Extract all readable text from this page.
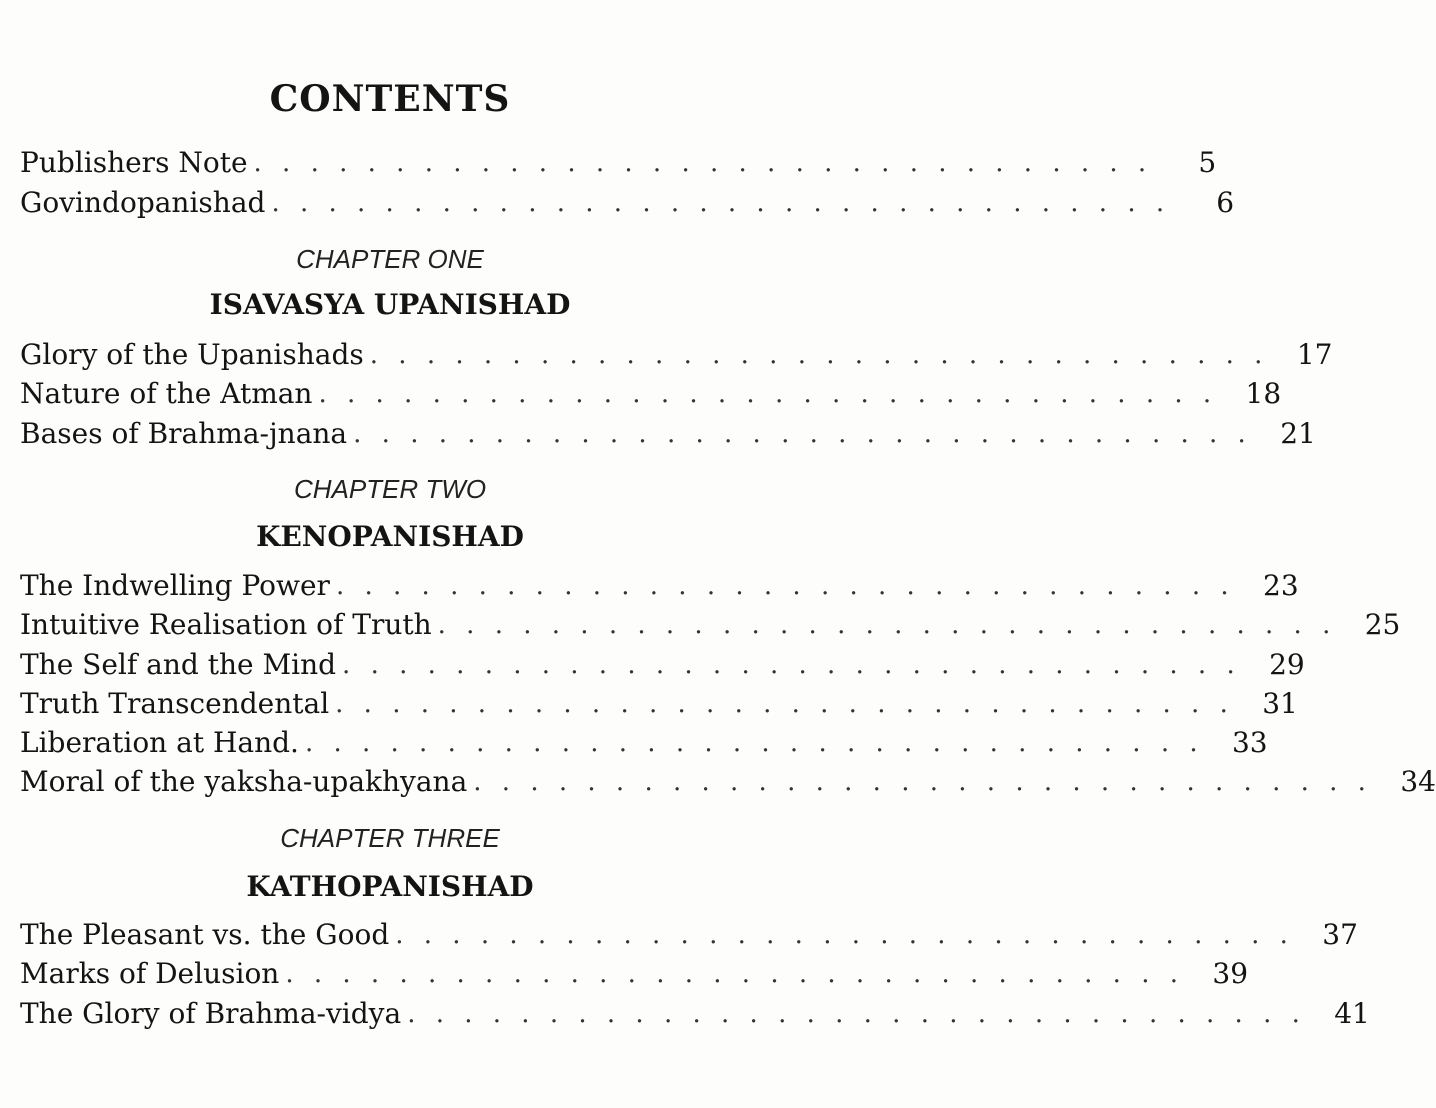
CONTENTS
Publishers Note . . . . . . . . . . . . . . . . . . . . . . . . . . . . . . . .	5
Govindopanishad . . . . . . . . . . . . . . . . . . . . . . . . . . . . . . . .	6
CHAPTER ONE
ISAVASYA UPANISHAD
Glory of the Upanishads . . . . . . . . . . . . . . . . . . . . . . . . . . . . . . . . 17
Nature of the Atman . . . . . . . . . . . . . . . . . . . . . . . . . . . . . . . . 18
Bases of Brahma-jnana . . . . . . . . . . . . . . . . . . . . . . . . . . . . . . . . 21
CHAPTER TWO
KENOPANISHAD
The Indwelling Power . . . . . . . . . . . . . . . . . . . . . . . . . . . . . . . . 23
Intuitive Realisation of Truth . . . . . . . . . . . . . . . . . . . . . . . . . . . . . . . . 25
The Self and the Mind . . . . . . . . . . . . . . . . . . . . . . . . . . . . . . . . 29
Truth Transcendental . . . . . . . . . . . . . . . . . . . . . . . . . . . . . . . . 31
Liberation at Hand. . . . . . . . . . . . . . . . . . . . . . . . . . . . . . . . . 33
Moral of the yaksha-upakhyana . . . . . . . . . . . . . . . . . . . . . . . . . . . . . . . . 34
CHAPTER THREE
KATHOPANISHAD
The Pleasant vs. the Good . . . . . . . . . . . . . . . . . . . . . . . . . . . . . . . . 37
Marks of Delusion . . . . . . . . . . . . . . . . . . . . . . . . . . . . . . . . 39
The Glory of Brahma-vidya . . . . . . . . . . . . . . . . . . . . . . . . . . . . . . . . 41
